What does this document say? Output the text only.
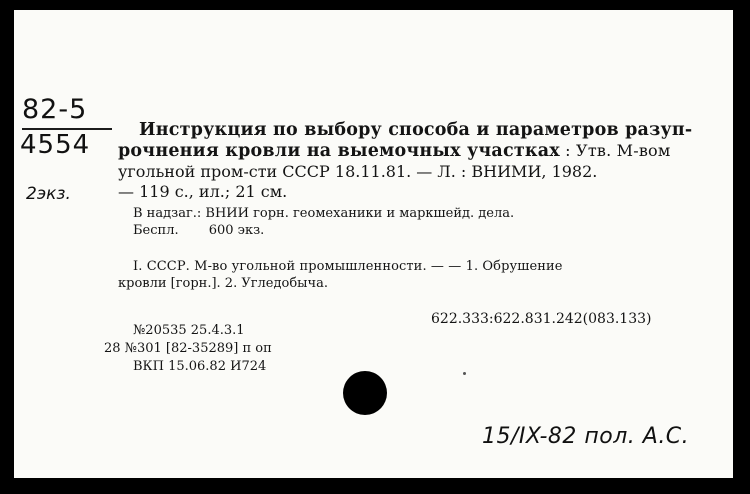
82-5
4554
2экз.
Инструкция по выбору способа и параметров разуп-
рочнения кровли на выемочных участках : Утв. М-вом
угольной пром-сти СССР 18.11.81. — Л. : ВНИМИ, 1982.
— 119 с., ил.; 21 см.
В надзаг.: ВНИИ горн. геомеханики и маркшейд. дела.
Беспл. 600 экз.
I. СССР. М-во угольной промышленности. — — 1. Обрушение
кровли [горн.]. 2. Угледобыча.
622.333:622.831.242(083.133)
№20535 25.4.3.1
28 №301 [82-35289] п оп
ВКП 15.06.82 И724
15/IX-82 пол. А.С.
